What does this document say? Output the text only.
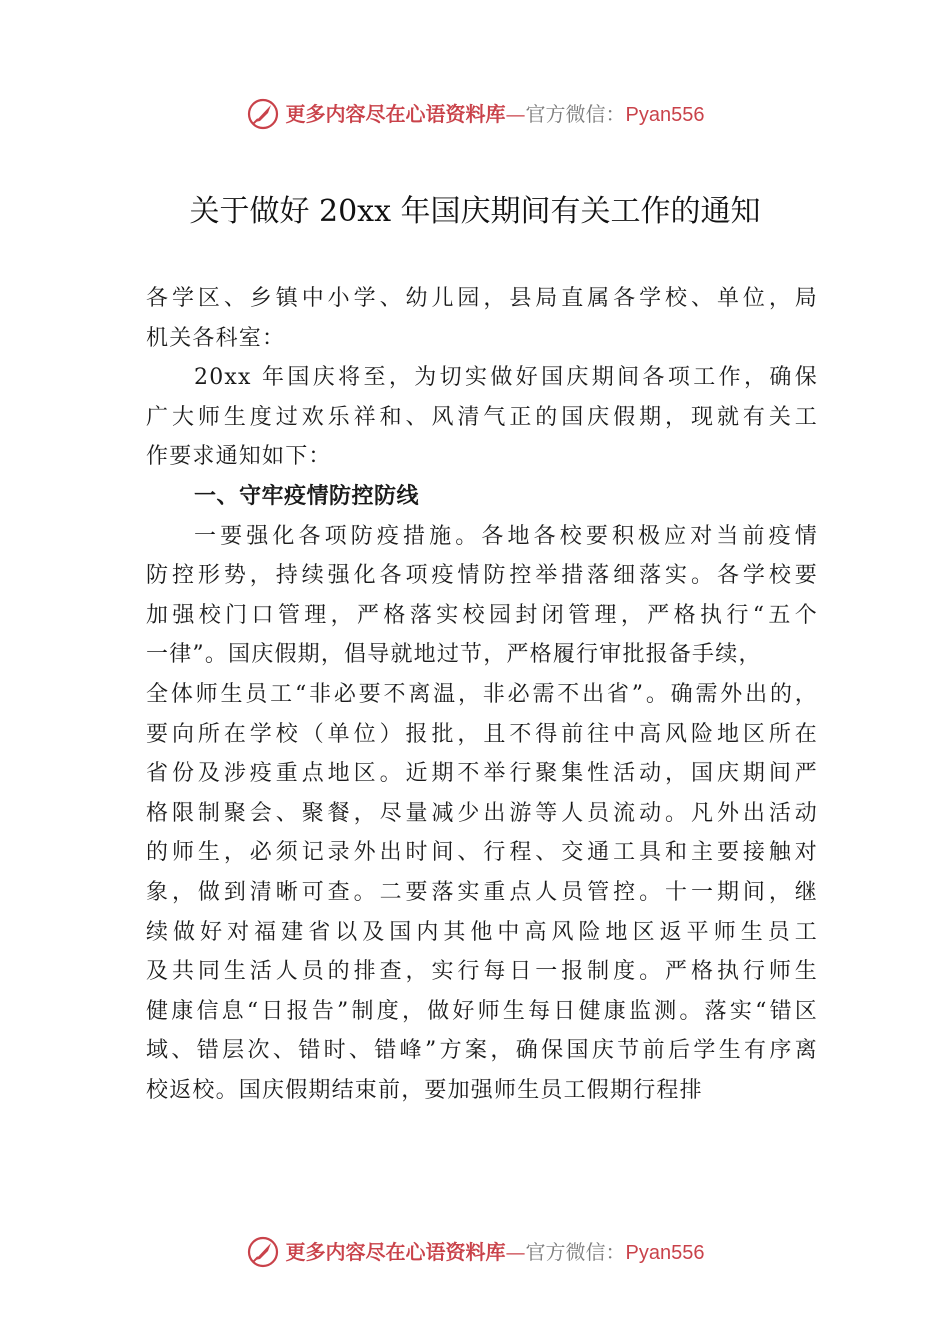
更多内容尽在心语资料库—官方微信：Pyan556
关于做好 20xx 年国庆期间有关工作的通知
各学区、乡镇中小学、幼儿园，县局直属各学校、单位，局
机关各科室：
20xx 年国庆将至，为切实做好国庆期间各项工作，确保
广大师生度过欢乐祥和、风清气正的国庆假期，现就有关工
作要求通知如下：
一、守牢疫情防控防线
一要强化各项防疫措施。各地各校要积极应对当前疫情
防控形势，持续强化各项疫情防控举措落细落实。各学校要
加强校门口管理，严格落实校园封闭管理，严格执行“五个
一律”。国庆假期，倡导就地过节，严格履行审批报备手续，
全体师生员工“非必要不离温，非必需不出省”。确需外出的，
要向所在学校（单位）报批，且不得前往中高风险地区所在
省份及涉疫重点地区。近期不举行聚集性活动，国庆期间严
格限制聚会、聚餐，尽量减少出游等人员流动。凡外出活动
的师生，必须记录外出时间、行程、交通工具和主要接触对
象，做到清晰可查。二要落实重点人员管控。十一期间，继
续做好对福建省以及国内其他中高风险地区返平师生员工
及共同生活人员的排查，实行每日一报制度。严格执行师生
健康信息“日报告”制度，做好师生每日健康监测。落实“错区
域、错层次、错时、错峰”方案，确保国庆节前后学生有序离
校返校。国庆假期结束前，要加强师生员工假期行程排
更多内容尽在心语资料库—官方微信：Pyan556
